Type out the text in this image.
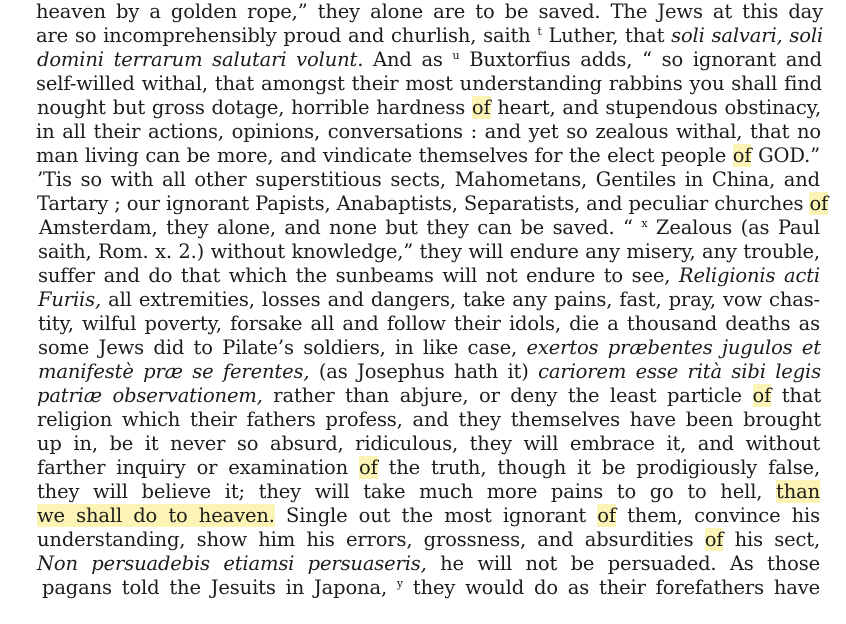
heaven by a golden rope,” they alone are to be saved. The Jews at this day
are so incomprehensibly proud and churlish, saith $^t$ Luther, that soli salvari, soli
domini terrarum salutari volunt. And as $^u$ Buxtorfius adds, “ so ignorant and
self-willed withal, that amongst their most understanding rabbins you shall find
nought but gross dotage, horrible hardness of heart, and stupendous obstinacy,
in all their actions, opinions, conversations : and yet so zealous withal, that no
man living can be more, and vindicate themselves for the elect people of GOD.”
’Tis so with all other superstitious sects, Mahometans, Gentiles in China, and
Tartary ; our ignorant Papists, Anabaptists, Separatists, and peculiar churches of
Amsterdam, they alone, and none but they can be saved. “ $^x$ Zealous (as Paul
saith, Rom. x. 2.) without knowledge,” they will endure any misery, any trouble,
suffer and do that which the sunbeams will not endure to see, Religionis acti
Furiis, all extremities, losses and dangers, take any pains, fast, pray, vow chas-
tity, wilful poverty, forsake all and follow their idols, die a thousand deaths as
some Jews did to Pilate’s soldiers, in like case, exertos præbentes jugulos et
manifestè præ se ferentes, (as Josephus hath it) cariorem esse rità sibi legis
patriæ observationem, rather than abjure, or deny the least particle of that
religion which their fathers profess, and they themselves have been brought
up in, be it never so absurd, ridiculous, they will embrace it, and without
farther inquiry or examination of the truth, though it be prodigiously false,
they will believe it; they will take much more pains to go to hell, than
we shall do to heaven. Single out the most ignorant of them, convince his
understanding, show him his errors, grossness, and absurdities of his sect,
Non persuadebis etiamsi persuaseris, he will not be persuaded. As those
pagans told the Jesuits in Japona, $^y$ they would do as their forefathers have
